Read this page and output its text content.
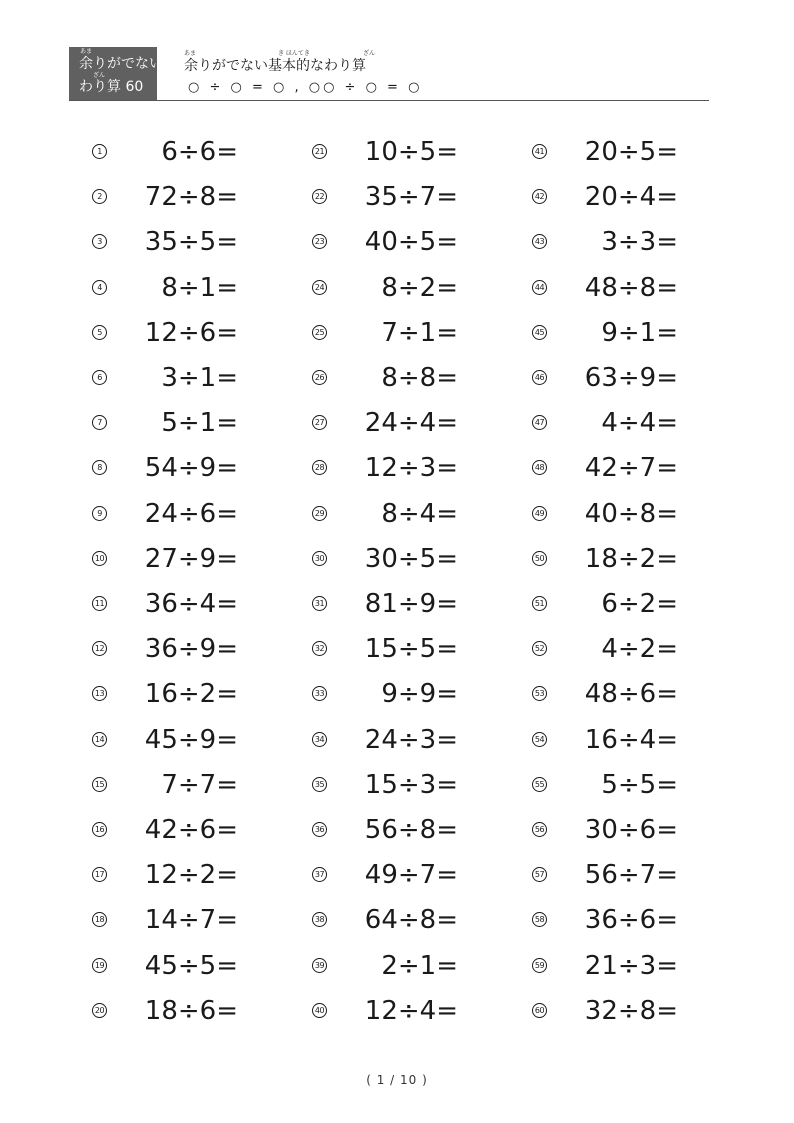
あま
余りがでない
ざん
わり算 60
あま	き ほんてき	ざん
余りがでない基本的なわり算
○ ÷ ○ = ○ , ○○ ÷ ○ = ○
1	6÷6=
2	72÷8=
3	35÷5=
4	8÷1=
5	12÷6=
6	3÷1=
7	5÷1=
8	54÷9=
9	24÷6=
10	27÷9=
11	36÷4=
12	36÷9=
13	16÷2=
14	45÷9=
15	7÷7=
16	42÷6=
17	12÷2=
18	14÷7=
19	45÷5=
20	18÷6=
21	10÷5=
22	35÷7=
23	40÷5=
24	8÷2=
25	7÷1=
26	8÷8=
27	24÷4=
28	12÷3=
29	8÷4=
30	30÷5=
31	81÷9=
32	15÷5=
33	9÷9=
34	24÷3=
35	15÷3=
36	56÷8=
37	49÷7=
38	64÷8=
39	2÷1=
40	12÷4=
41	20÷5=
42	20÷4=
43	3÷3=
44	48÷8=
45	9÷1=
46	63÷9=
47	4÷4=
48	42÷7=
49	40÷8=
50	18÷2=
51	6÷2=
52	4÷2=
53	48÷6=
54	16÷4=
55	5÷5=
56	30÷6=
57	56÷7=
58	36÷6=
59	21÷3=
60	32÷8=
( 1 / 10 )
